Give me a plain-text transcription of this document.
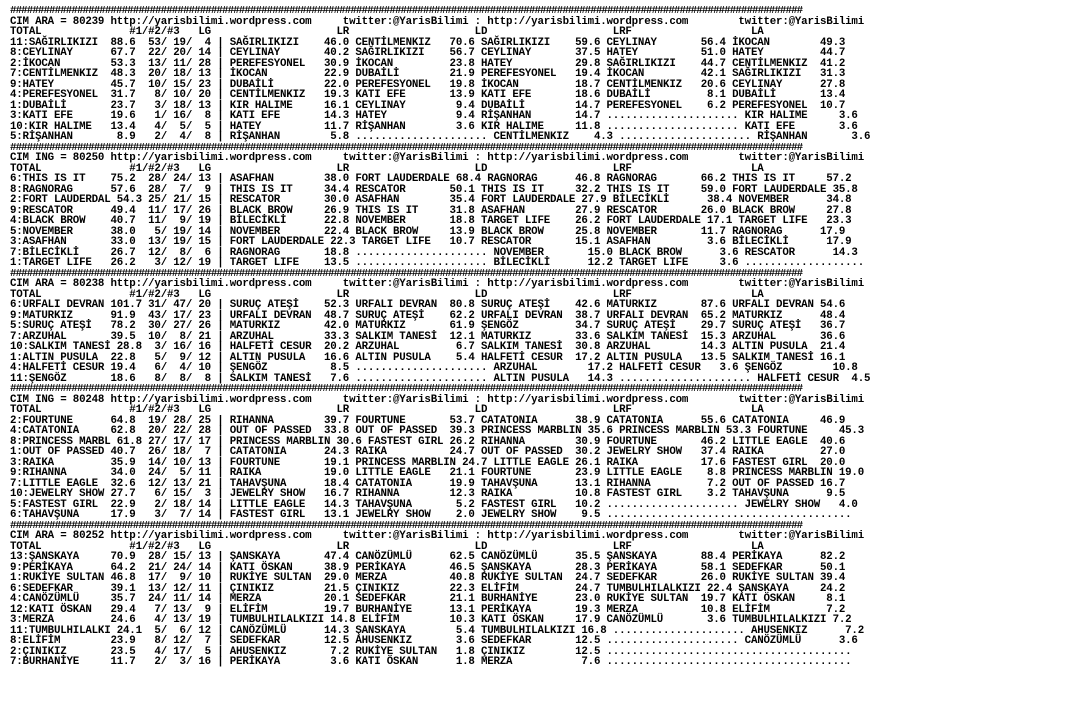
##############################################################################################################################################
CIM ARA = 80239 http://yarisbilimi.wordpress.com     twitter:@YarisBilimi : http://yarisbilimi.wordpress.com        twitter:@YarisBilimi
TOTAL              #1/#2/#3   LG                    LR                    LD                    LRF                   LA
11:SAĞIRLIKIZI  88.6  53/ 19/  4 | SAĞIRLIKIZI    46.0 CENTİLMENKIZ   70.6 SAĞIRLIKIZI    59.6 CEYLINAY       56.4 İKOCAN        49.3
8:CEYLINAY      67.7  22/ 20/ 14 | CEYLINAY       40.2 SAĞIRLIKIZI    56.7 CEYLINAY       37.5 HATEY          51.0 HATEY         44.7
2:İKOCAN        53.3  13/ 11/ 28 | PEREFESYONEL   30.9 İKOCAN         23.8 HATEY          29.8 SAĞIRLIKIZI    44.7 CENTİLMENKIZ  41.2
7:CENTİLMENKIZ  48.3  20/ 18/ 13 | İKOCAN         22.9 DUBAİLİ        21.9 PEREFESYONEL   19.4 İKOCAN         42.1 SAĞIRLIKIZI   31.3
9:HATEY         45.7  10/ 15/ 23 | DUBAİLİ        22.0 PEREFESYONEL   19.8 İKOCAN         18.7 CENTİLMENKIZ   20.6 CEYLINAY      27.8
4:PEREFESYONEL  31.7   8/ 10/ 20 | CENTİLMENKIZ   19.3 KATI EFE       13.9 KATI EFE       18.6 DUBAİLİ         8.1 DUBAİLİ       13.4
1:DUBAİLİ       23.7   3/ 18/ 13 | KIR HALIME     16.1 CEYLINAY        9.4 DUBAİLİ        14.7 PEREFESYONEL    6.2 PEREFESYONEL  10.7
3:KATI EFE      19.6   1/ 16/  8 | KATI EFE       14.3 HATEY           9.4 RİŞANHAN       14.7 ..................... KIR HALIME     3.6
10:KIR HALIME   13.4   4/  5/  5 | HATEY          11.7 RİŞANHAN        3.6 KIR HALIME     11.8 ..................... KATI EFE       3.6
5:RİŞANHAN       8.9   2/  4/  8 | RİŞANHAN        5.8 ..................... CENTİLMENKIZ    4.3 ..................... RİŞANHAN       3.6
##############################################################################################################################################
CIM ING = 80250 http://yarisbilimi.wordpress.com     twitter:@YarisBilimi : http://yarisbilimi.wordpress.com        twitter:@YarisBilimi
TOTAL              #1/#2/#3   LG                    LR                    LD                    LRF                   LA
6:THIS IS IT    75.2  28/ 24/ 13 | ASAFHAN        38.0 FORT LAUDERDALE 68.4 RAGNORAG      46.8 RAGNORAG       66.2 THIS IS IT     57.2
8:RAGNORAG      57.6  28/  7/  9 | THIS IS IT     34.4 RESCATOR       50.1 THIS IS IT     32.2 THIS IS IT     59.0 FORT LAUDERDALE 35.8
2:FORT LAUDERDAL 54.3 25/ 21/ 15 | RESCATOR       30.0 ASAFHAN        35.4 FORT LAUDERDALE 27.9 BİLECİKLİ      38.4 NOVEMBER      34.8
9:RESCATOR      49.4  11/ 17/ 26 | BLACK BROW     26.9 THIS IS IT     31.8 ASAFHAN        27.9 RESCATOR       26.0 BLACK BROW     27.8
4:BLACK BROW    40.7  11/  9/ 19 | BİLECİKLİ      22.8 NOVEMBER       18.8 TARGET LIFE    26.2 FORT LAUDERDALE 17.1 TARGET LIFE   23.3
5:NOVEMBER      38.0   5/ 19/ 14 | NOVEMBER       22.4 BLACK BROW     13.9 BLACK BROW     25.8 NOVEMBER       11.7 RAGNORAG      17.9
3:ASAFHAN       33.0  13/ 19/ 15 | FORT LAUDERDALE 22.3 TARGET LIFE   10.7 RESCATOR       15.1 ASAFHAN         3.6 BİLECİKLİ      17.9
7:BİLECİKLİ     26.7  12/  8/  6 | RAGNORAG       18.8 ..................... NOVEMBER       15.0 BLACK BROW      3.6 RESCATOR      14.3
1:TARGET LIFE   26.2   3/ 12/ 19 | TARGET LIFE    13.5 ..................... BİLECİKLİ      12.2 TARGET LIFE     3.6 ...................
##############################################################################################################################################
CIM ARA = 80238 http://yarisbilimi.wordpress.com     twitter:@YarisBilimi : http://yarisbilimi.wordpress.com        twitter:@YarisBilimi
TOTAL              #1/#2/#3   LG                    LR                    LD                    LRF                   LA
6:URFALI DEVRAN 101.7 31/ 47/ 20 | SURUÇ ATEŞİ    52.3 URFALI DEVRAN  80.8 SURUÇ ATEŞİ    42.6 MATURKIZ       87.6 URFALI DEVRAN 54.6
9:MATURKIZ      91.9  43/ 17/ 23 | URFALI DEVRAN  48.7 SURUÇ ATEŞİ    62.2 URFALI DEVRAN  38.7 URFALI DEVRAN  65.2 MATURKIZ      48.4
5:SURUÇ ATEŞİ   78.2  30/ 27/ 26 | MATURKIZ       42.0 MATURKIZ       61.9 ŞENGÖZ         34.7 SURUÇ ATEŞİ    29.7 SURUÇ ATEŞİ   36.7
7:ARZUHAL       39.5  10/  8/ 21 | ARZUHAL        33.3 SALKIM TANESİ  12.1 MATURKIZ       33.6 SALKIM TANESİ  15.3 ARZUHAL       36.6
10:SALKIM TANESİ 28.8  3/ 16/ 16 | HALFETİ CESUR  20.2 ARZUHAL         6.7 SALKIM TANESİ  30.8 ARZUHAL        14.3 ALTIN PUSULA  21.4
1:ALTIN PUSULA  22.8   5/  9/ 12 | ALTIN PUSULA   16.6 ALTIN PUSULA    5.4 HALFETİ CESUR  17.2 ALTIN PUSULA   13.5 SALKIM TANESİ 16.1
4:HALFETİ CESUR 19.4   6/  4/ 10 | ŞENGÖZ          8.5 ..................... ARZUHAL        17.2 HALFETİ CESUR   3.6 ŞENGÖZ        10.8
11:ŞENGÖZ       18.6   8/  8/  8 | SALKIM TANESİ   7.6 ..................... ALTIN PUSULA   14.3 ..................... HALFETİ CESUR  4.5
##############################################################################################################################################
CIM ING = 80248 http://yarisbilimi.wordpress.com     twitter:@YarisBilimi : http://yarisbilimi.wordpress.com        twitter:@YarisBilimi
TOTAL              #1/#2/#3   LG                    LR                    LD                    LRF                   LA
2:FOURTUNE      64.8  19/ 28/ 25 | RIHANNA        39.7 FOURTUNE       53.7 CATATONIA      38.9 CATATONIA      55.6 CATATONIA     46.9
4:CATATONIA     62.8  20/ 22/ 28 | OUT OF PASSED  33.8 OUT OF PASSED  39.3 PRINCESS MARBLIN 35.6 PRINCESS MARBLIN 53.3 FOURTUNE     45.3
8:PRINCESS MARBL 61.8 27/ 17/ 17 | PRINCESS MARBLIN 30.6 FASTEST GIRL 26.2 RIHANNA        30.9 FOURTUNE       46.2 LITTLE EAGLE  40.6
1:OUT OF PASSED 40.7  26/ 18/  7 | CATATONIA      24.3 RAIKA          24.7 OUT OF PASSED  30.2 JEWELRY SHOW   37.4 RAIKA         27.0
3:RAIKA         35.9  14/ 10/ 13 | FOURTUNE       19.1 PRINCESS MARBLIN 24.7 LITTLE EAGLE 26.1 RAIKA          17.6 FASTEST GIRL  20.0
9:RIHANNA       34.0  24/  5/ 11 | RAIKA          19.0 LITTLE EAGLE   21.1 FOURTUNE       23.9 LITTLE EAGLE    8.8 PRINCESS MARBLIN 19.0
7:LITTLE EAGLE  32.6  12/ 13/ 21 | TAHAVŞUNA      18.4 CATATONIA      19.9 TAHAVŞUNA      13.1 RIHANNA         7.2 OUT OF PASSED 16.7
10:JEWELRY SHOW 27.7   6/ 15/  3 | JEWELRY SHOW   16.7 RIHANNA        12.3 RAIKA          10.8 FASTEST GIRL    3.2 TAHAVŞUNA      9.5
5:FASTEST GIRL  22.9   2/ 18/ 14 | LITTLE EAGLE   14.3 TAHAVŞUNA       5.2 FASTEST GIRL   10.2 ..................... JEWELRY SHOW   4.0
6:TAHAVŞUNA     17.9   3/  7/ 14 | FASTEST GIRL   13.1 JEWELRY SHOW    2.0 JEWELRY SHOW    9.5 .......................................
##############################################################################################################################################
CIM ARA = 80252 http://yarisbilimi.wordpress.com     twitter:@YarisBilimi : http://yarisbilimi.wordpress.com        twitter:@YarisBilimi
TOTAL              #1/#2/#3   LG                    LR                    LD                    LRF                   LA
13:ŞANSKAYA     70.9  28/ 15/ 13 | ŞANSKAYA       47.4 CANÖZÜMLÜ      62.5 CANÖZÜMLÜ      35.5 ŞANSKAYA       88.4 PERİKAYA      82.2
9:PERİKAYA      64.2  21/ 24/ 14 | KATI ÖSKAN     38.9 PERİKAYA       46.5 ŞANSKAYA       28.3 PERİKAYA       58.1 SEDEFKAR      50.1
1:RUKİYE SULTAN 46.8  17/  9/ 10 | RUKİYE SULTAN  29.0 MERZA          40.8 RUKİYE SULTAN  24.7 SEDEFKAR       26.0 RUKİYE SULTAN 39.4
6:SEDEFKAR      39.1  13/ 12/ 11 | ÇINIKIZ        21.5 ÇINIKIZ        22.3 ELİFİM         24.7 TUMBULHILALKIZI 22.4 ŞANSKAYA     24.2
4:CANÖZÜMLÜ     35.7  24/ 11/ 14 | MERZA          20.1 SEDEFKAR       21.1 BURHANİYE      23.0 RUKİYE SULTAN  19.7 KATI ÖSKAN     8.1
12:KATI ÖSKAN   29.4   7/ 13/  9 | ELİFİM         19.7 BURHANİYE      13.1 PERİKAYA       19.3 MERZA          10.8 ELİFİM         7.2
3:MERZA         24.6   4/ 13/ 19 | TUMBULHILALKIZI 14.8 ELİFİM        10.3 KATI ÖSKAN     17.9 CANÖZÜMLÜ       3.6 TUMBULHILALKIZI 7.2
11:TUMBULHILALKI 24.1  5/  6/ 12 | CANÖZÜMLÜ      14.3 ŞANSKAYA        5.4 TUMBULHILALKIZI 16.8 ..................... AHUSENKIZ      7.2
8:ELİFİM        23.9   8/ 12/  7 | SEDEFKAR       12.5 AHUSENKIZ       3.6 SEDEFKAR       12.5 ..................... CANÖZÜMLÜ      3.6
2:ÇINIKIZ       23.5   4/ 17/  5 | AHUSENKIZ       7.2 RUKİYE SULTAN   1.8 ÇINIKIZ        12.5 .......................................
7:BURHANİYE     11.7   2/  3/ 16 | PERİKAYA        3.6 KATI ÖSKAN      1.8 MERZA           7.6 .......................................
